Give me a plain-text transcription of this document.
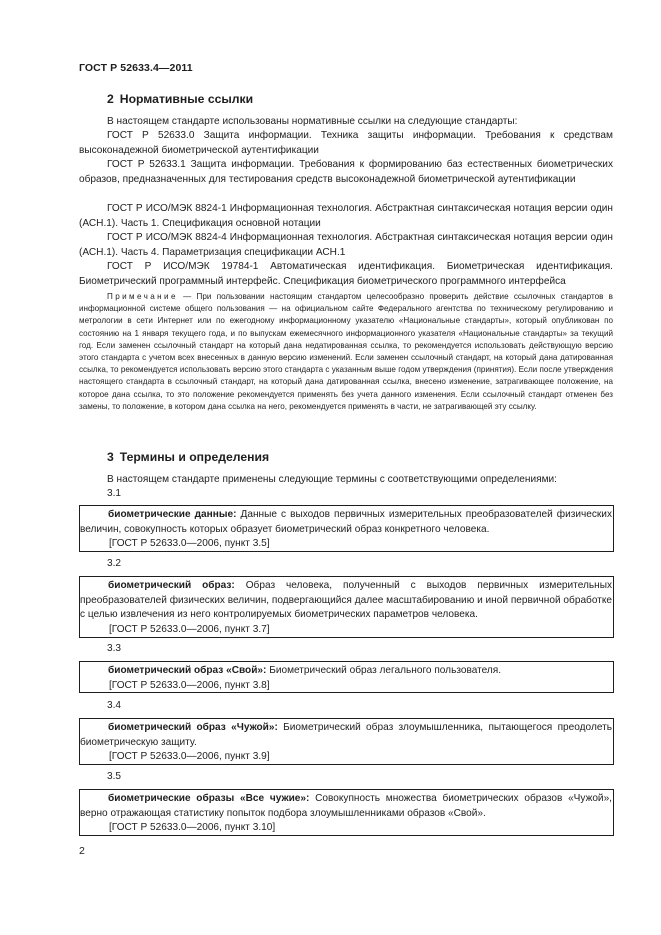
ГОСТ Р 52633.4—2011
2 Нормативные ссылки

В настоящем стандарте использованы нормативные ссылки на следующие стандарты:

ГОСТ Р 52633.0 Защита информации. Техника защиты информации. Требования к средствам высоконадежной биометрической аутентификации

ГОСТ Р 52633.1 Защита информации. Требования к формированию баз естественных биометрических образов, предназначенных для тестирования средств высоконадежной биометрической аутентификации

ГОСТ Р ИСО/МЭК 8824-1 Информационная технология. Абстрактная синтаксическая нотация версии один (АСН.1). Часть 1. Спецификация основной нотации

ГОСТ Р ИСО/МЭК 8824-4 Информационная технология. Абстрактная синтаксическая нотация версии один (АСН.1). Часть 4. Параметризация спецификации АСН.1

ГОСТ Р ИСО/МЭК 19784-1 Автоматическая идентификация. Биометрическая идентификация. Биометрический программный интерфейс. Спецификация биометрического программного интерфейса

Примечание — При пользовании настоящим стандартом целесообразно проверить действие ссылочных стандартов в информационной системе общего пользования — на официальном сайте Федерального агентства по техническому регулированию и метрологии в сети Интернет или по ежегодному информационному указателю «Национальные стандарты», который опубликован по состоянию на 1 января текущего года, и по выпускам ежемесячного информационного указателя «Национальные стандарты» за текущий год. Если заменен ссылочный стандарт на который дана недатированная ссылка, то рекомендуется использовать действующую версию этого стандарта с учетом всех внесенных в данную версию изменений. Если заменен ссылочный стандарт, на который дана датированная ссылка, то рекомендуется использовать версию этого стандарта с указанным выше годом утверждения (принятия). Если после утверждения настоящего стандарта в ссылочный стандарт, на который дана датированная ссылка, внесено изменение, затрагивающее положение, на которое дана ссылка, то это положение рекомендуется применять без учета данного изменения. Если ссылочный стандарт отменен без замены, то положение, в котором дана ссылка на него, рекомендуется применять в части, не затрагивающей эту ссылку.

3 Термины и определения

В настоящем стандарте применены следующие термины с соответствующими определениями:

3.1

биометрические данные: Данные с выходов первичных измерительных преобразователей физических величин, совокупность которых образует биометрический образ конкретного человека.

[ГОСТ Р 52633.0—2006, пункт 3.5]

3.2

биометрический образ: Образ человека, полученный с выходов первичных измерительных преобразователей физических величин, подвергающийся далее масштабированию и иной первичной обработке с целью извлечения из него контролируемых биометрических параметров человека.

[ГОСТ Р 52633.0—2006, пункт 3.7]

3.3

биометрический образ «Свой»: Биометрический образ легального пользователя.

[ГОСТ Р 52633.0—2006, пункт 3.8]

3.4

биометрический образ «Чужой»: Биометрический образ злоумышленника, пытающегося преодолеть биометрическую защиту.

[ГОСТ Р 52633.0—2006, пункт 3.9]

3.5

биометрические образы «Все чужие»: Совокупность множества биометрических образов «Чужой», верно отражающая статистику попыток подбора злоумышленниками образов «Свой».

[ГОСТ Р 52633.0—2006, пункт 3.10]

2
